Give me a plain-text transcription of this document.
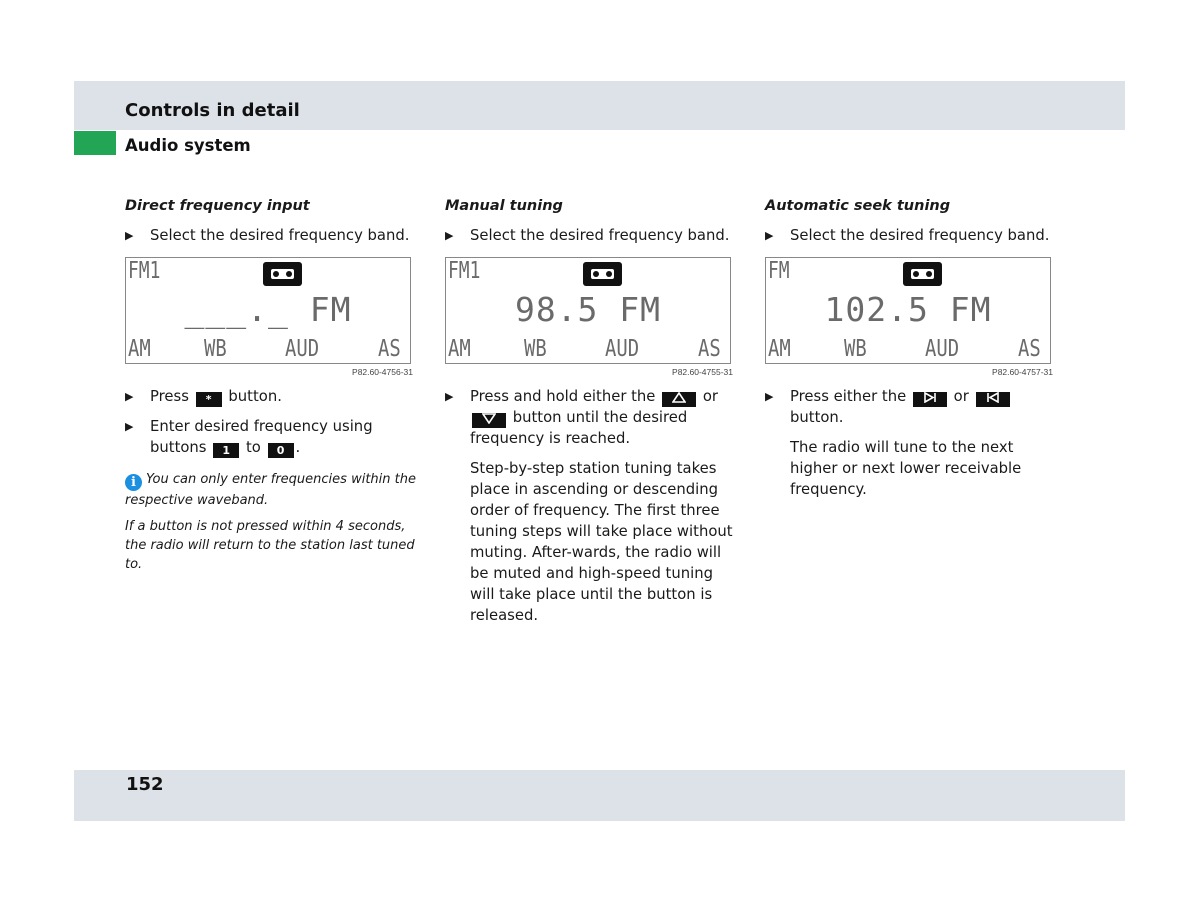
Controls in detail
Audio system
Direct frequency input
▶ Select the desired frequency band.
FM1
___._ FM
AM WB	AUD	AS
P82.60-4756-31
▶ Press * button.
▶ Enter desired frequency using buttons 1 to 0 .
i You can only enter frequencies within the respective waveband.
If a button is not pressed within 4 seconds, the radio will return to the station last tuned to.
Manual tuning
▶ Select the desired frequency band.
FM1
98.5 FM
AM WB	AUD	AS
P82.60-4755-31
▶ Press and hold either the	or  button until the desired frequency is reached.
Step-by-step station tuning takes place in ascending or descending order of frequency. The first three tuning steps will take place without muting. After-wards, the radio will be muted and high-speed tuning will take place until the button is released.
Automatic seek tuning
▶ Select the desired frequency band.
FM
102.5 FM
AM WB	AUD	AS
P82.60-4757-31
▶ Press either the	or  button.
The radio will tune to the next higher or next lower receivable frequency.
152
